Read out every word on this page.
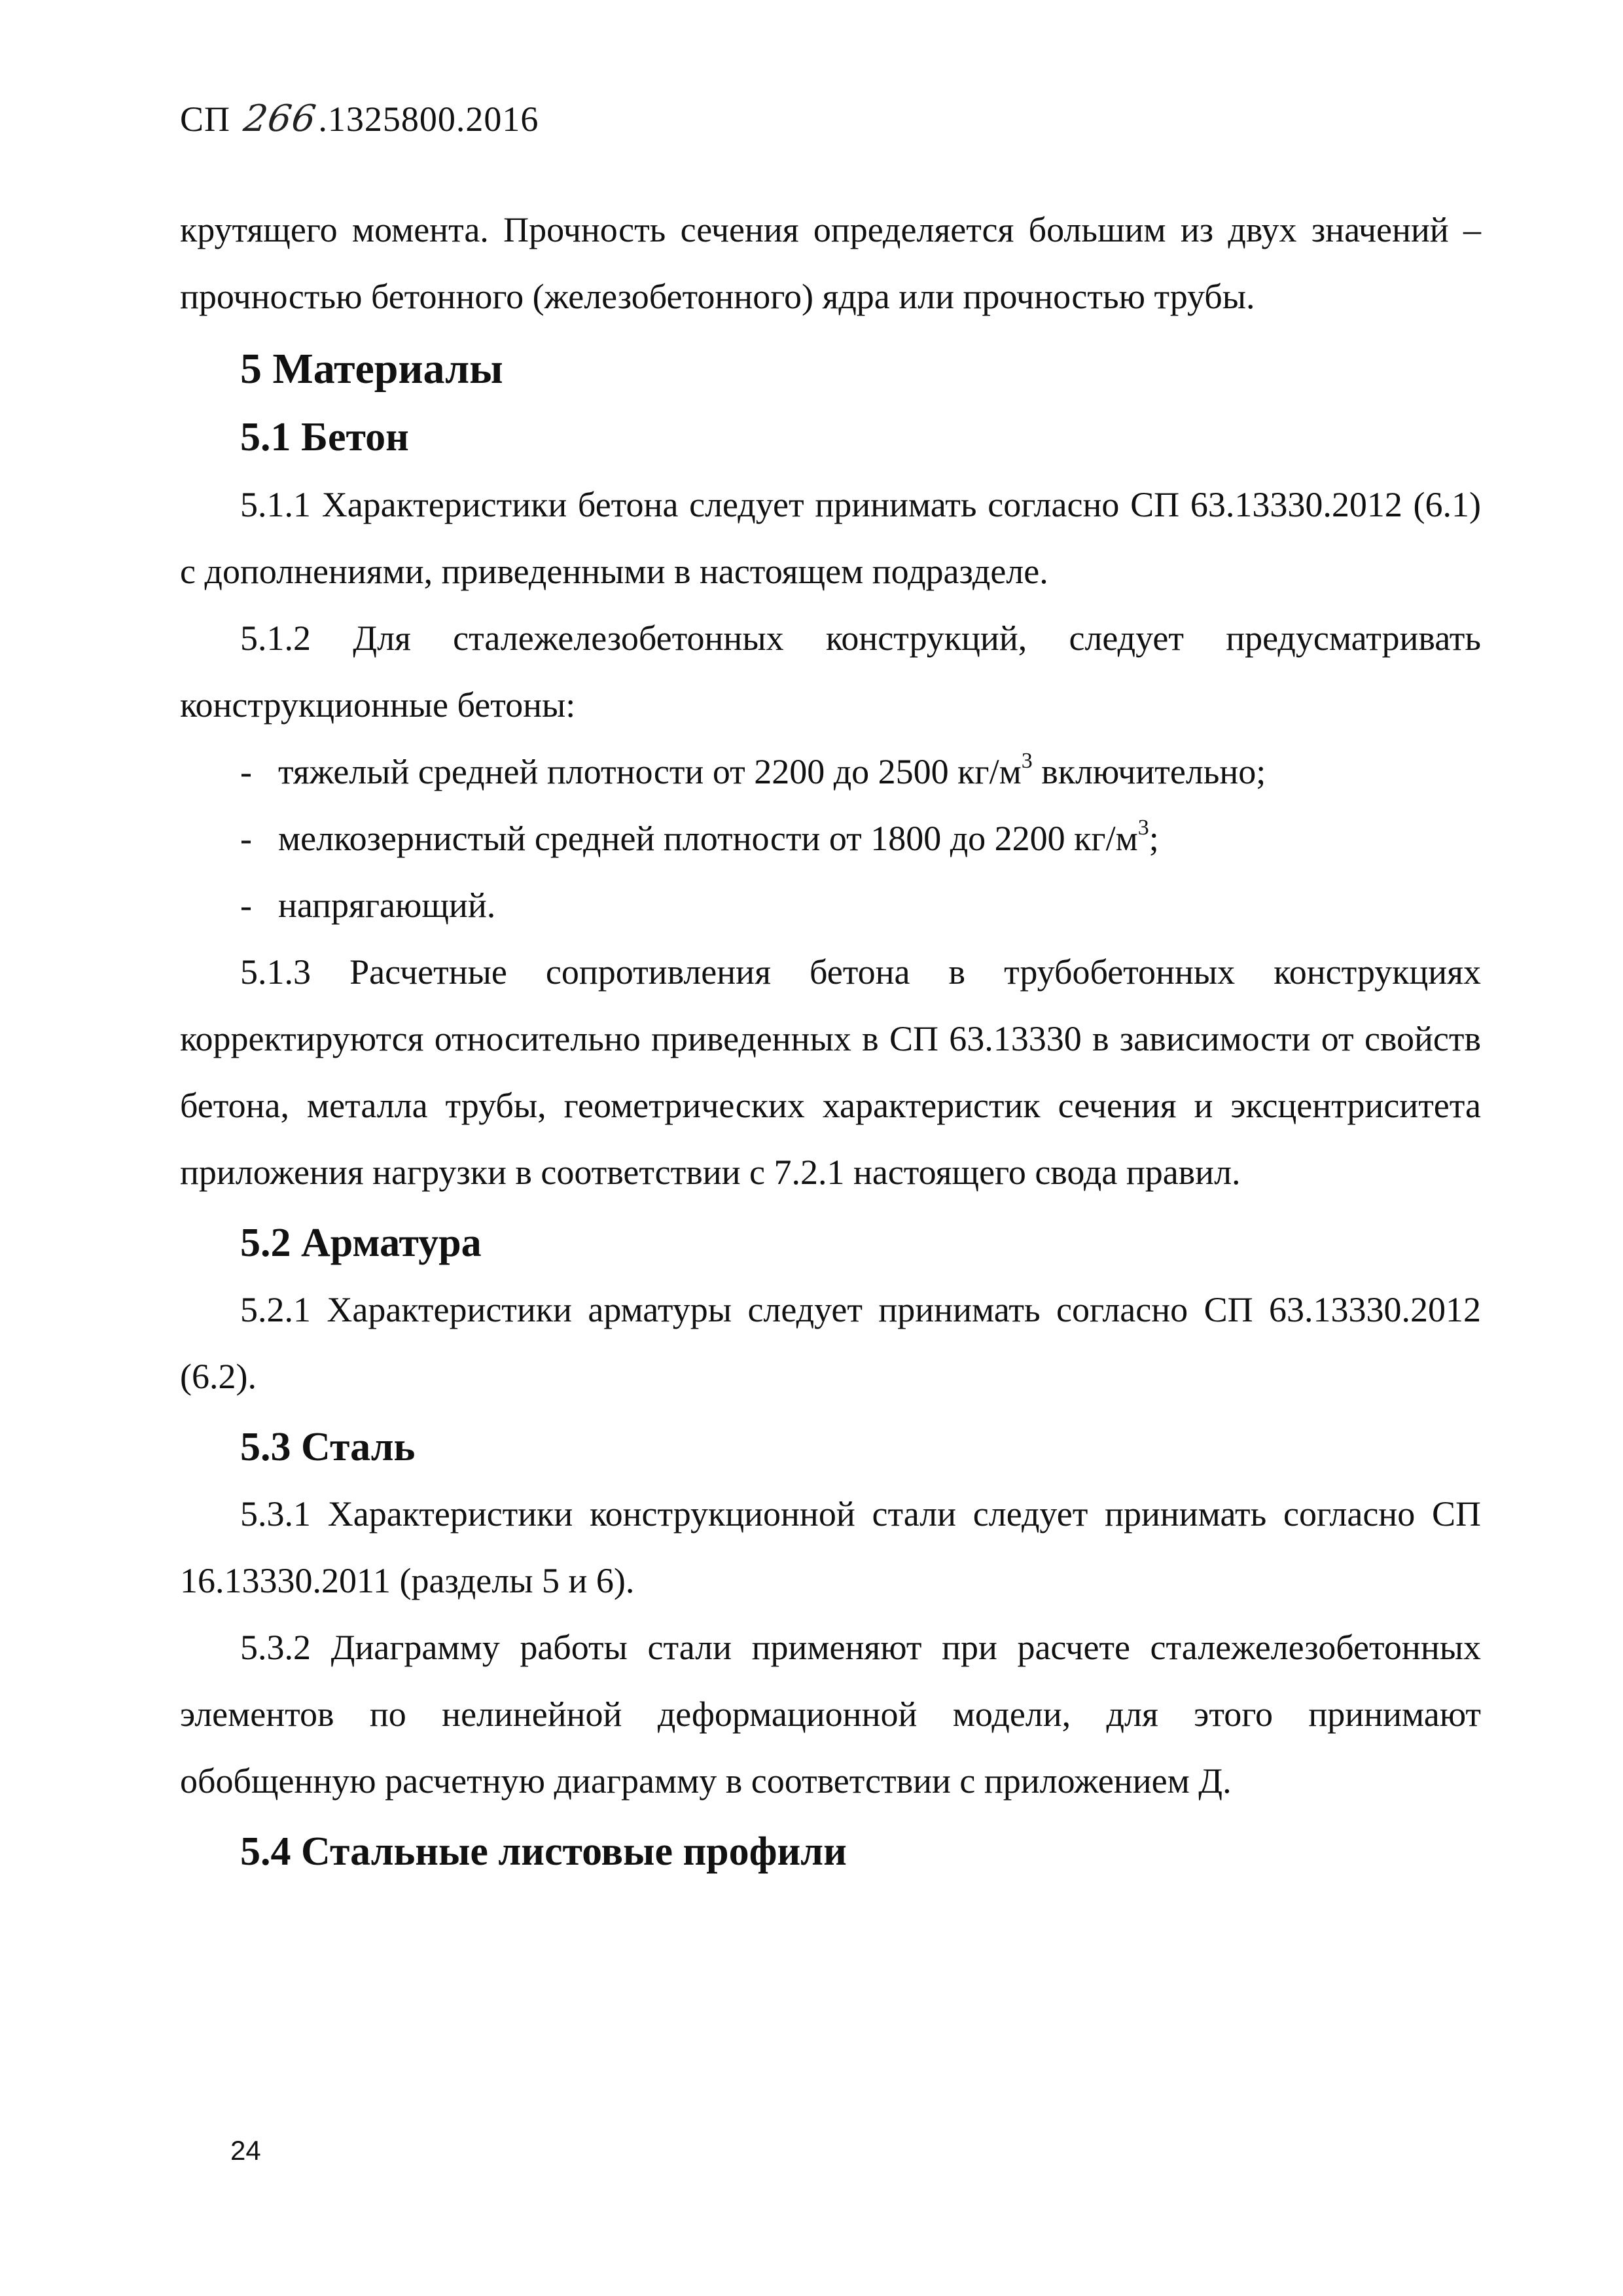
СП 266.1325800.2016

крутящего момента. Прочность сечения определяется большим из двух значений – прочностью бетонного (железобетонного) ядра или прочностью трубы.

5 Материалы
5.1 Бетон

5.1.1 Характеристики бетона следует принимать согласно СП 63.13330.2012 (6.1) с дополнениями, приведенными в настоящем подразделе.

5.1.2 Для сталежелезобетонных конструкций, следует предусматривать конструкционные бетоны:

- тяжелый средней плотности от 2200 до 2500 $кг/м^3$ включительно;
- мелкозернистый средней плотности от 1800 до 2200 $кг/м^3$;
- напрягающий.

5.1.3 Расчетные сопротивления бетона в трубобетонных конструкциях корректируются относительно приведенных в СП 63.13330 в зависимости от свойств бетона, металла трубы, геометрических характеристик сечения и эксцентриситета приложения нагрузки в соответствии с 7.2.1 настоящего свода правил.

5.2 Арматура

5.2.1 Характеристики арматуры следует принимать согласно СП 63.13330.2012 (6.2).

5.3 Сталь

5.3.1 Характеристики конструкционной стали следует принимать согласно СП 16.13330.2011 (разделы 5 и 6).

5.3.2 Диаграмму работы стали применяют при расчете сталежелезобетонных элементов по нелинейной деформационной модели, для этого принимают обобщенную расчетную диаграмму в соответствии с приложением Д.

5.4 Стальные листовые профили
24
